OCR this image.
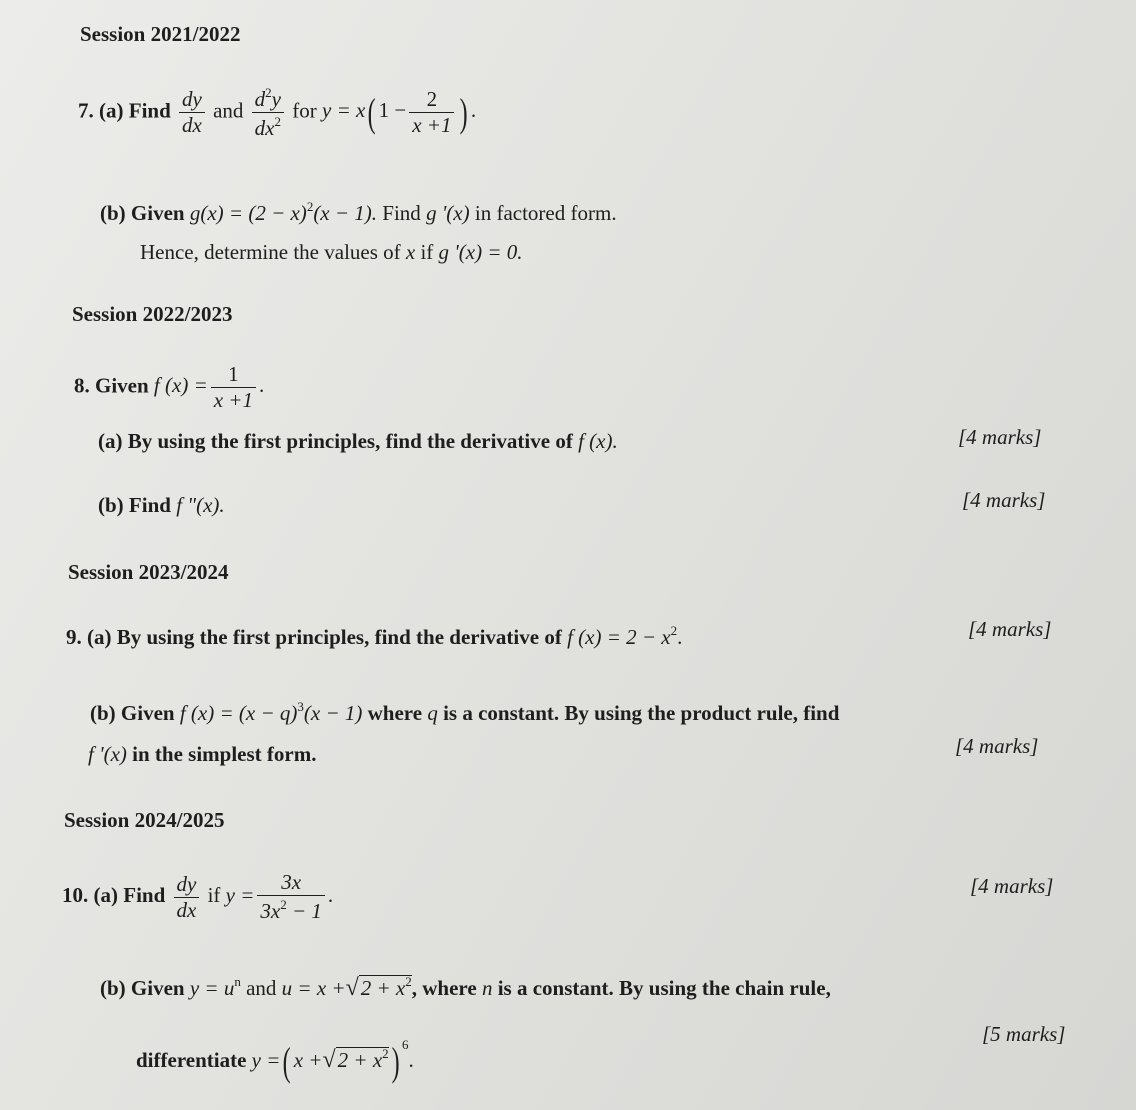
Session 2021/2022
7. (a) Find $\frac{dy}{dx}$ and $\frac{d^2y}{dx^2}$ for y = x( $1 - \frac{2}{x +1}$ ) .
(b) Given $g(x) = (2 - x)^2(x - 1)$. Find g '(x) in factored form.
Hence, determine the values of x if g '(x) = 0.
Session 2022/2023
8. Given f $(x) = \frac{1}{x +1}$ .
(a) By using the first principles, find the derivative of f (x).	[4 marks]
(b) Find f "(x).	[4 marks]
Session 2023/2024
9. (a) By using the first principles, find the derivative of f $(x) = 2 - x^2$.	[4 marks]
(b) Given f $(x) = (x - q)^3(x - 1)$ where q is a constant. By using the product rule, find
f '(x) in the simplest form.	[4 marks]
Session 2024/2025
10. (a) Find $\frac{dy}{dx}$ if $y = \frac{3x}{3x^2 - 1}$ .	[4 marks]
(b) Given $y = u^n$ and $u = x +√2 + x^2$, where n is a constant. By using the chain rule,
differentiate y =( $x +√2 + x^2$) $^6$.
[5 marks]
